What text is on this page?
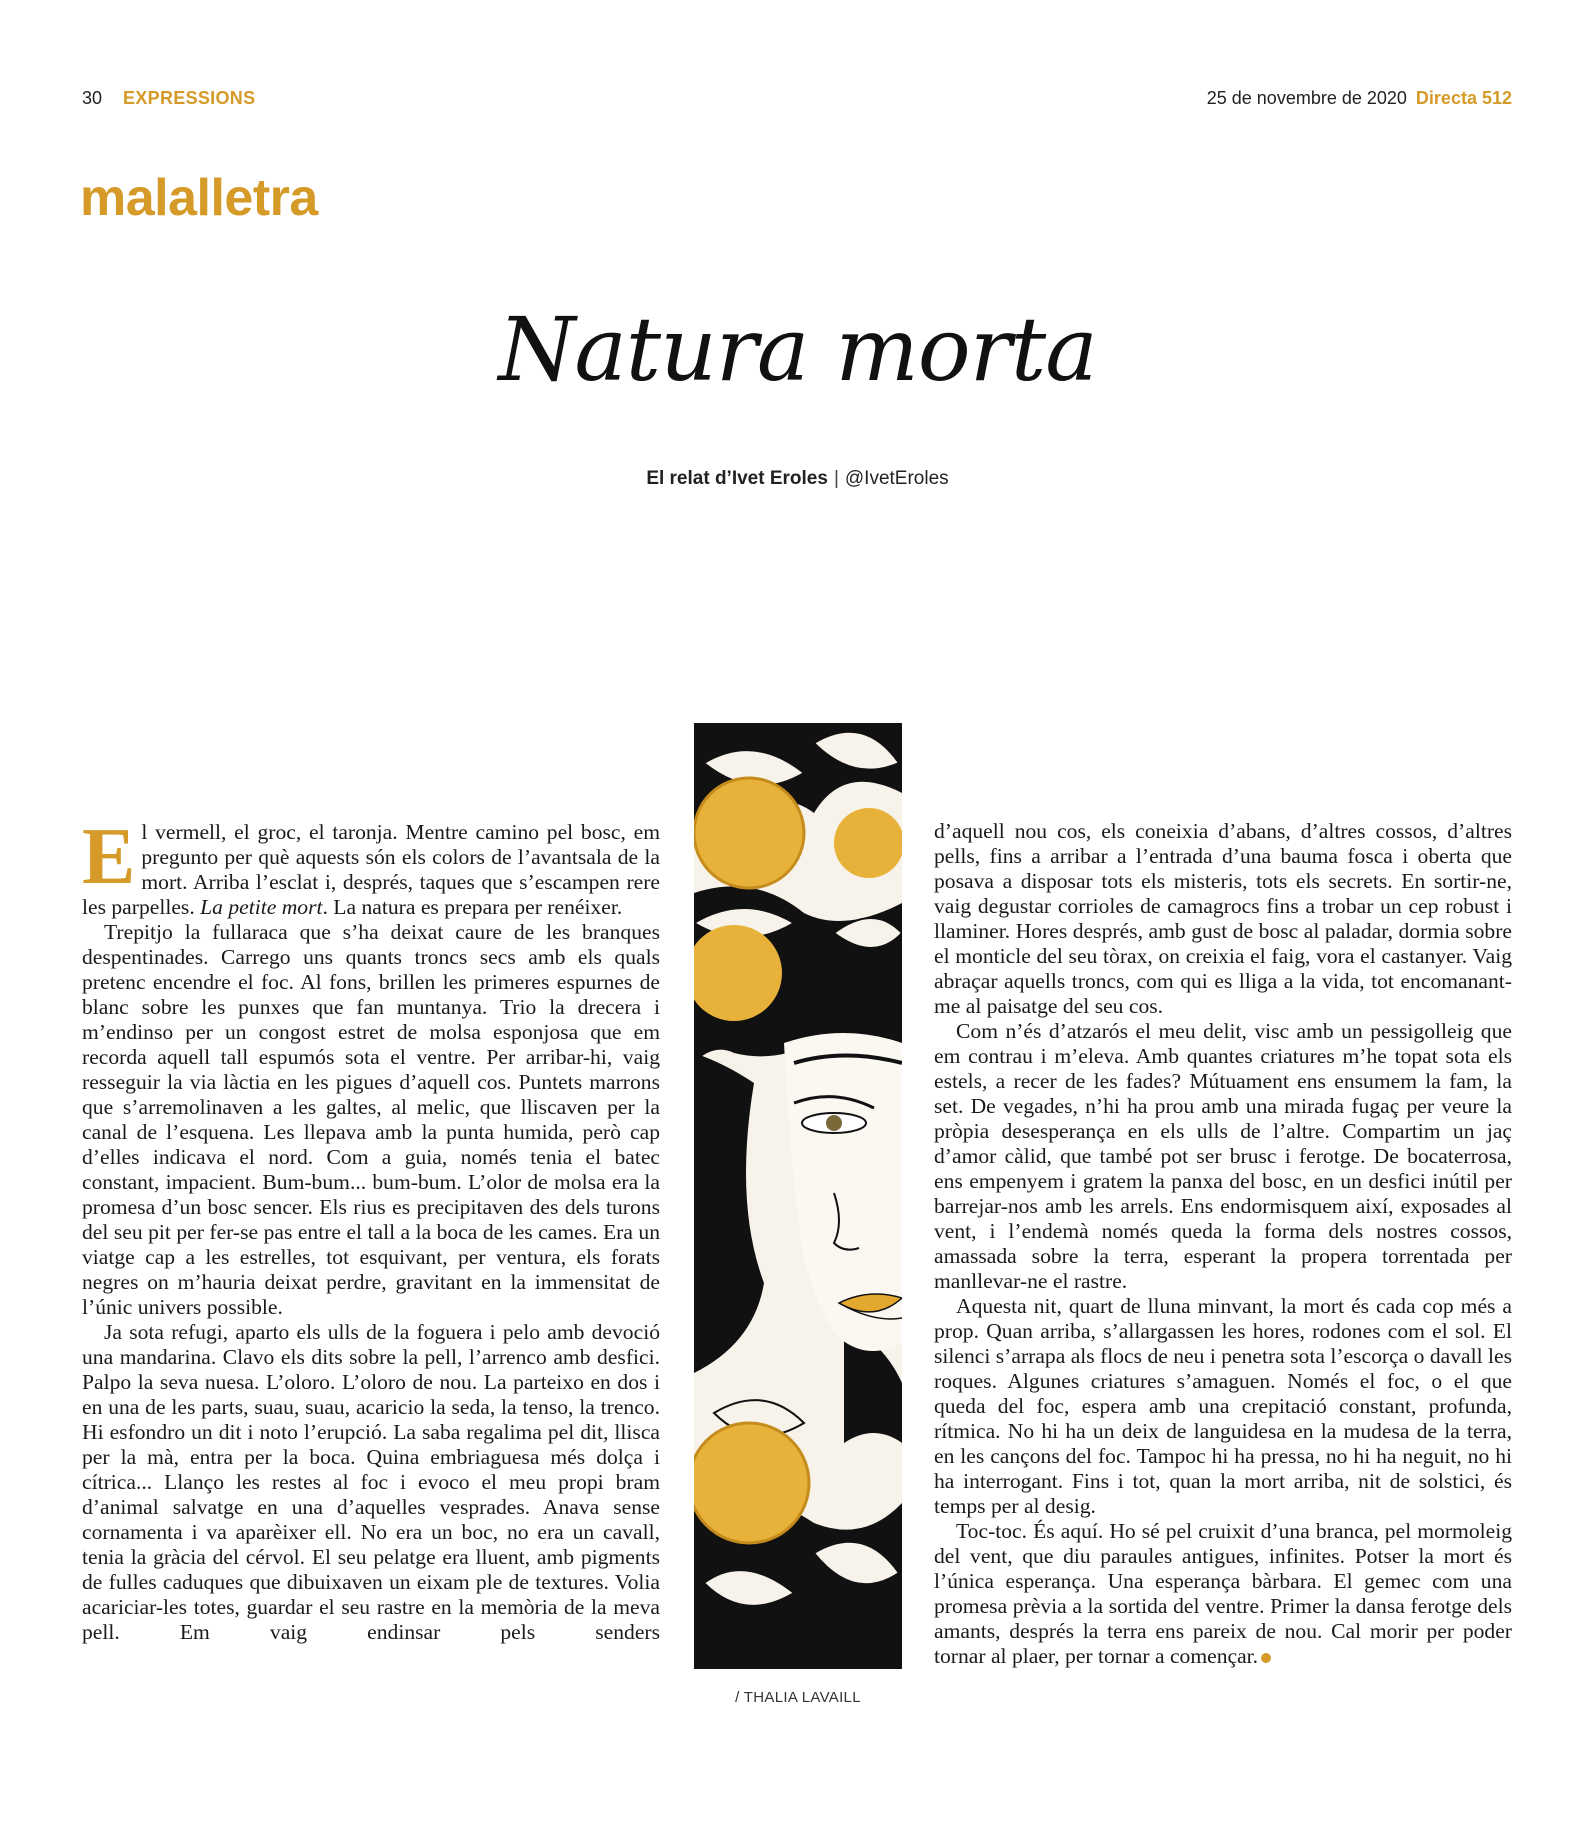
30 EXPRESSIONS	25 de novembre de 2020 Directa 512
malalletra
Natura morta
El relat d’Ivet Eroles | @IvetEroles

El vermell, el groc, el taronja. Mentre camino pel bosc, em pregunto per què aquests són els colors de l’avantsala de la mort. Arriba l’esclat i, després, taques que s’escampen rere les parpelles. La petite mort. La natura es prepara per renéixer.

Trepitjo la fullaraca que s’ha deixat caure de les branques despentinades. Carrego uns quants troncs secs amb els quals pretenc encendre el foc. Al fons, brillen les primeres espurnes de blanc sobre les punxes que fan muntanya. Trio la drecera i m’endinso per un congost estret de molsa esponjosa que em recorda aquell tall espumós sota el ventre. Per arribar-hi, vaig resseguir la via làctia en les pigues d’aquell cos. Puntets marrons que s’arremolinaven a les galtes, al melic, que lliscaven per la canal de l’esquena. Les llepava amb la punta humida, però cap d’elles indicava el nord. Com a guia, només tenia el batec constant, impacient. Bum-bum... bum-bum. L’olor de molsa era la promesa d’un bosc sencer. Els rius es precipitaven des dels turons del seu pit per fer-se pas entre el tall a la boca de les cames. Era un viatge cap a les estrelles, tot esquivant, per ventura, els forats negres on m’hauria deixat perdre, gravitant en la immensitat de l’únic univers possible.

Ja sota refugi, aparto els ulls de la foguera i pelo amb devoció una mandarina. Clavo els dits sobre la pell, l’arrenco amb desfici. Palpo la seva nuesa. L’oloro. L’oloro de nou. La parteixo en dos i en una de les parts, suau, suau, acaricio la seda, la tenso, la trenco. Hi esfondro un dit i noto l’erupció. La saba regalima pel dit, llisca per la mà, entra per la boca. Quina embriaguesa més dolça i cítrica... Llanço les restes al foc i evoco el meu propi bram d’animal salvatge en una d’aquelles vesprades. Anava sense cornamenta i va aparèixer ell. No era un boc, no era un cavall, tenia la gràcia del cérvol. El seu pelatge era lluent, amb pigments de fulles caduques que dibuixaven un eixam ple de textures. Volia acariciar-les totes, guardar el seu rastre en la memòria de la meva pell. Em vaig endinsar pels senders

/ THALIA LAVAILL

d’aquell nou cos, els coneixia d’abans, d’altres cossos, d’altres pells, fins a arribar a l’entrada d’una bauma fosca i oberta que posava a disposar tots els misteris, tots els secrets. En sortir-ne, vaig degustar corrioles de camagrocs fins a trobar un cep robust i llaminer. Hores després, amb gust de bosc al paladar, dormia sobre el monticle del seu tòrax, on creixia el faig, vora el castanyer. Vaig abraçar aquells troncs, com qui es lliga a la vida, tot encomanant-me al paisatge del seu cos.

Com n’és d’atzarós el meu delit, visc amb un pessigolleig que em contrau i m’eleva. Amb quantes criatures m’he topat sota els estels, a recer de les fades? Mútuament ens ensumem la fam, la set. De vegades, n’hi ha prou amb una mirada fugaç per veure la pròpia desesperança en els ulls de l’altre. Compartim un jaç d’amor càlid, que també pot ser brusc i ferotge. De bocaterrosa, ens empenyem i gratem la panxa del bosc, en un desfici inútil per barrejar-nos amb les arrels. Ens endormisquem així, exposades al vent, i l’endemà només queda la forma dels nostres cossos, amassada sobre la terra, esperant la propera torrentada per manllevar-ne el rastre.

Aquesta nit, quart de lluna minvant, la mort és cada cop més a prop. Quan arriba, s’allargassen les hores, rodones com el sol. El silenci s’arrapa als flocs de neu i penetra sota l’escorça o davall les roques. Algunes criatures s’amaguen. Només el foc, o el que queda del foc, espera amb una crepitació constant, profunda, rítmica. No hi ha un deix de languidesa en la mudesa de la terra, en les cançons del foc. Tampoc hi ha pressa, no hi ha neguit, no hi ha interrogant. Fins i tot, quan la mort arriba, nit de solstici, és temps per al desig.

Toc-toc. És aquí. Ho sé pel cruixit d’una branca, pel mormoleig del vent, que diu paraules antigues, infinites. Potser la mort és l’única esperança. Una esperança bàrbara. El gemec com una promesa prèvia a la sortida del ventre. Primer la dansa ferotge dels amants, després la terra ens pareix de nou. Cal morir per poder tornar al plaer, per tornar a començar.
